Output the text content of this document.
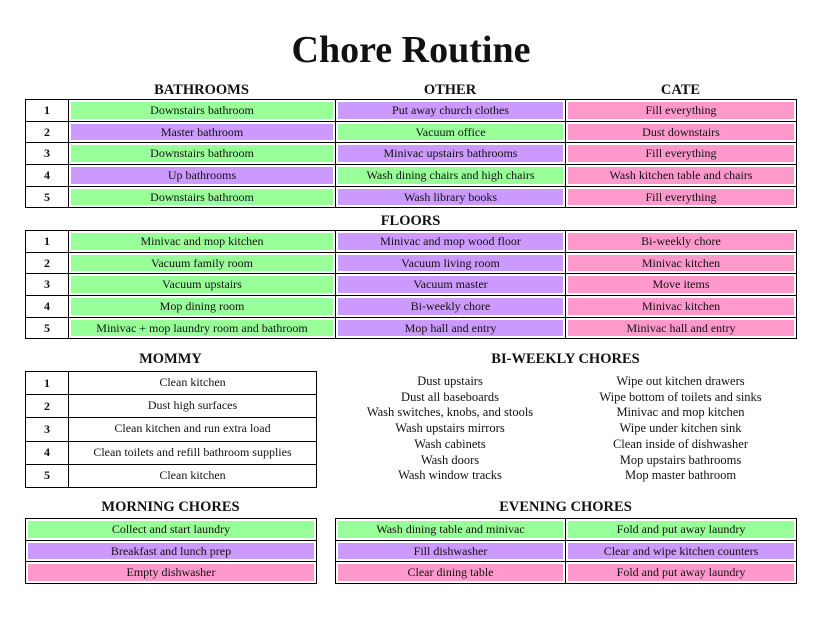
Chore Routine
BATHROOMS	OTHER	CATE
1	Downstairs bathroom	Put away church clothes	Fill everything

2	Master bathroom	Vacuum office	Dust downstairs

3	Downstairs bathroom	Minivac upstairs bathrooms	Fill everything

4	Up bathrooms	Wash dining chairs and high chairs	Wash kitchen table and chairs

5	Downstairs bathroom	Wash library books	Fill everything
FLOORS
1	Minivac and mop kitchen	Minivac and mop wood floor	Bi-weekly chore

2	Vacuum family room	Vacuum living room	Minivac kitchen

3	Vacuum upstairs	Vacuum master	Move items

4	Mop dining room	Bi-weekly chore	Minivac kitchen

5	Minivac + mop laundry room and bathroom	Mop hall and entry	Minivac hall and entry
MOMMY
1	Clean kitchen

2	Dust high surfaces

3	Clean kitchen and run extra load

4	Clean toilets and refill bathroom supplies

5	Clean kitchen
BI-WEEKLY CHORES
Dust upstairs
Dust all baseboards
Wash switches, knobs, and stools
Wash upstairs mirrors
Wash cabinets
Wash doors
Wash window tracks
Wipe out kitchen drawers
Wipe bottom of toilets and sinks
Minivac and mop kitchen
Wipe under kitchen sink
Clean inside of dishwasher
Mop upstairs bathrooms
Mop master bathroom
MORNING CHORES
Collect and start laundry

Breakfast and lunch prep

Empty dishwasher
EVENING CHORES
Wash dining table and minivac	Fold and put away laundry

Fill dishwasher	Clear and wipe kitchen counters

Clear dining table	Fold and put away laundry
